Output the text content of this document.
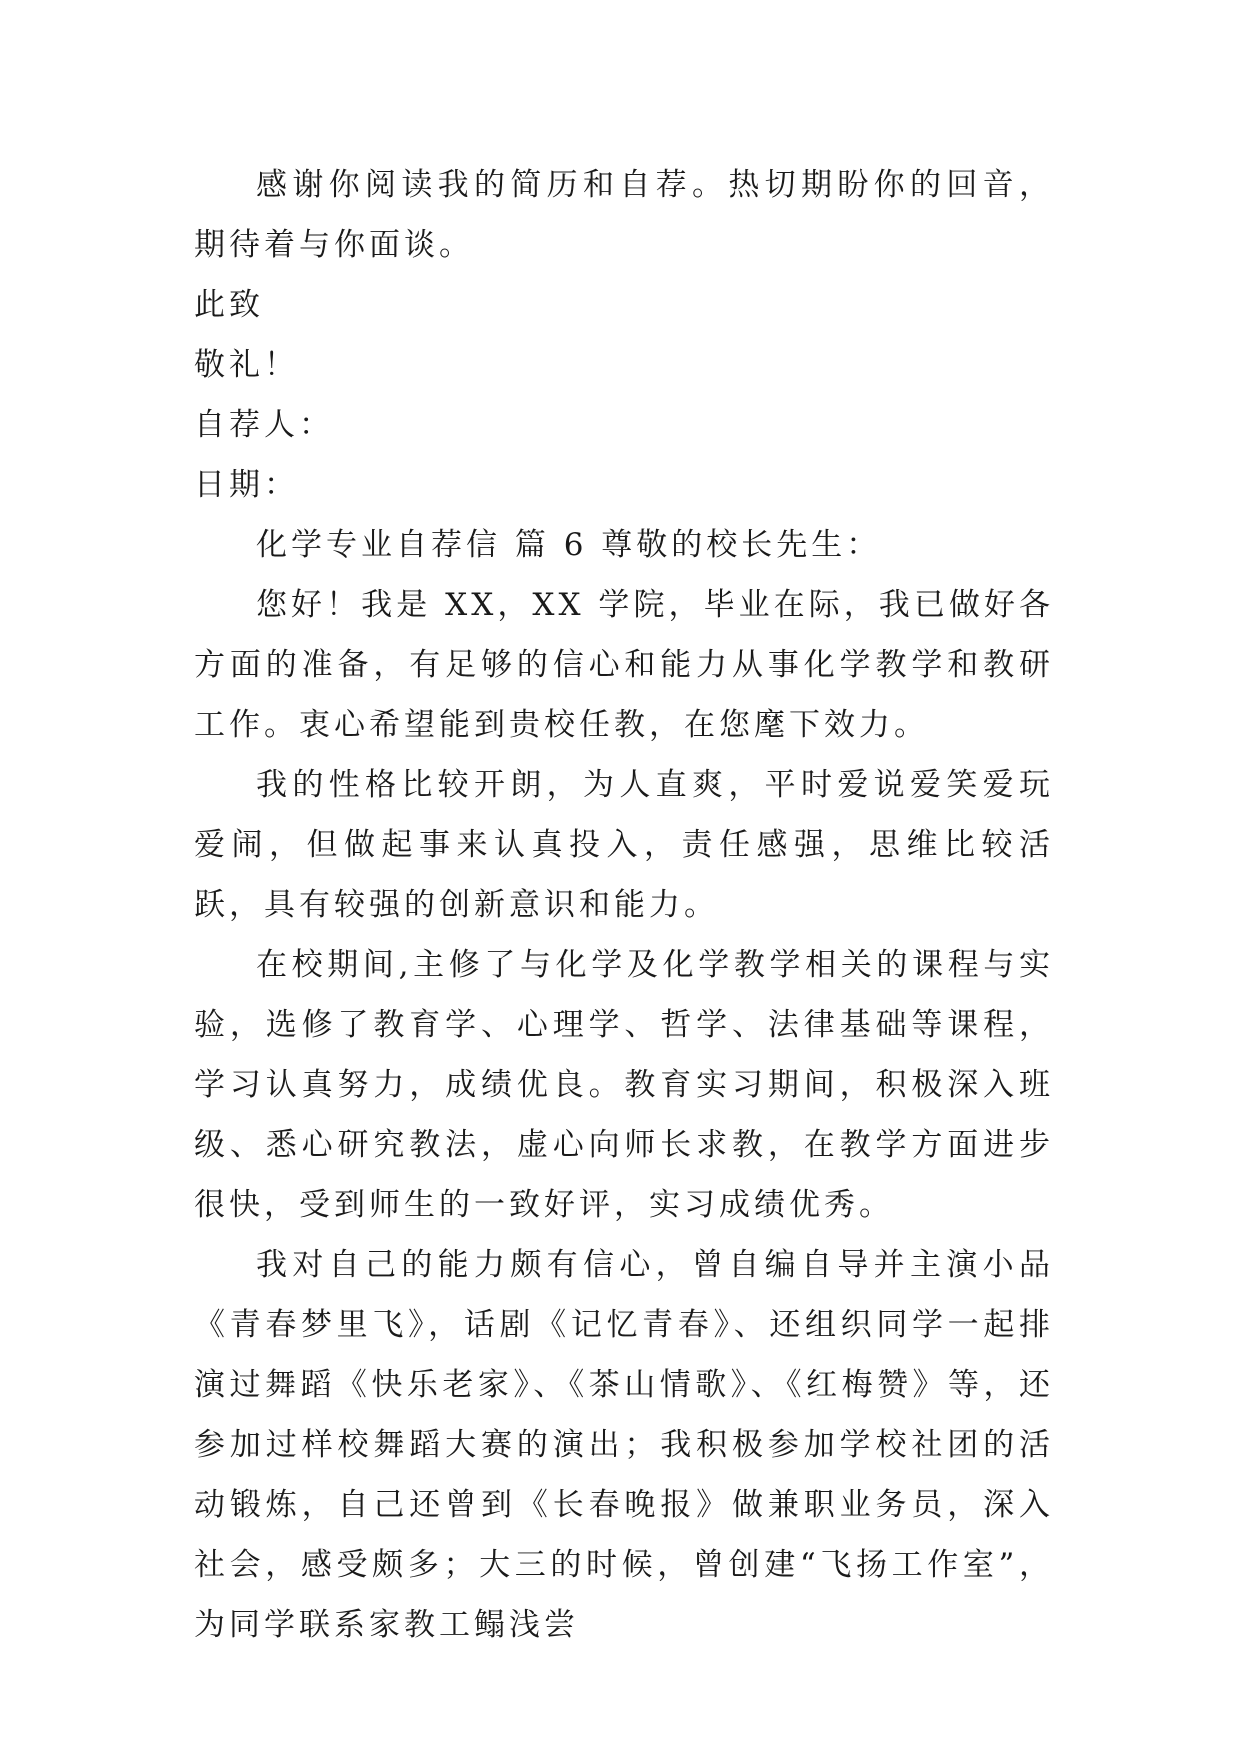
感谢你阅读我的简历和自荐。热切期盼你的回音，期待着与你面谈。

此致

敬礼！

自荐人：

日期：

化学专业自荐信 篇 6 尊敬的校长先生：

您好！我是 XX，XX 学院，毕业在际，我已做好各方面的准备，有足够的信心和能力从事化学教学和教研工作。衷心希望能到贵校任教，在您麾下效力。

我的性格比较开朗，为人直爽，平时爱说爱笑爱玩爱闹，但做起事来认真投入，责任感强，思维比较活跃，具有较强的创新意识和能力。

在校期间,主修了与化学及化学教学相关的课程与实验，选修了教育学、心理学、哲学、法律基础等课程，学习认真努力，成绩优良。教育实习期间，积极深入班级、悉心研究教法，虚心向师长求教，在教学方面进步很快，受到师生的一致好评，实习成绩优秀。

我对自己的能力颇有信心，曾自编自导并主演小品《青春梦里飞》，话剧《记忆青春》、还组织同学一起排演过舞蹈《快乐老家》、《茶山情歌》、《红梅赞》等，还参加过样校舞蹈大赛的演出；我积极参加学校社团的活动锻炼，自己还曾到《长春晚报》做兼职业务员，深入社会，感受颇多；大三的时候，曾创建“飞扬工作室”，为同学联系家教工鳎浅尝
